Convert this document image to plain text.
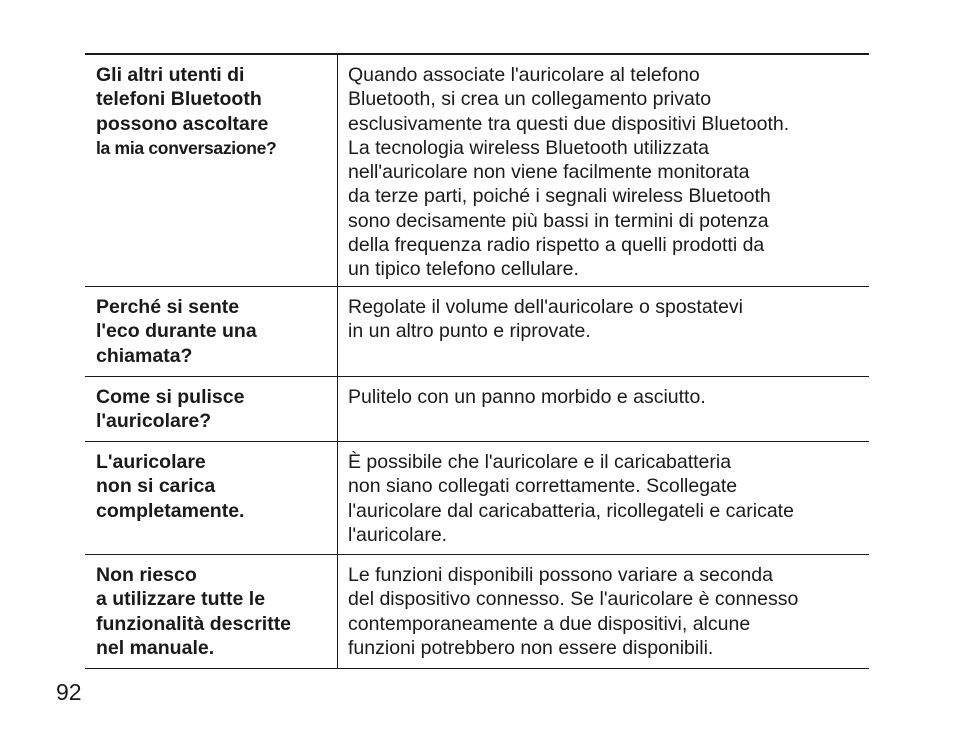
Gli altri utenti di
telefoni Bluetooth
possono ascoltare
la mia conversazione?
Quando associate l'auricolare al telefono
Bluetooth, si crea un collegamento privato
esclusivamente tra questi due dispositivi Bluetooth.
La tecnologia wireless Bluetooth utilizzata
nell'auricolare non viene facilmente monitorata
da terze parti, poiché i segnali wireless Bluetooth
sono decisamente più bassi in termini di potenza
della frequenza radio rispetto a quelli prodotti da
un tipico telefono cellulare.
Perché si sente
l'eco durante una
chiamata?
Regolate il volume dell'auricolare o spostatevi
in un altro punto e riprovate.
Come si pulisce
l'auricolare?
Pulitelo con un panno morbido e asciutto.
L'auricolare
non si carica
completamente.
È possibile che l'auricolare e il caricabatteria
non siano collegati correttamente. Scollegate
l'auricolare dal caricabatteria, ricollegateli e caricate
l'auricolare.
Non riesco
a utilizzare tutte le
funzionalità descritte
nel manuale.
Le funzioni disponibili possono variare a seconda
del dispositivo connesso. Se l'auricolare è connesso
contemporaneamente a due dispositivi, alcune
funzioni potrebbero non essere disponibili.
92
